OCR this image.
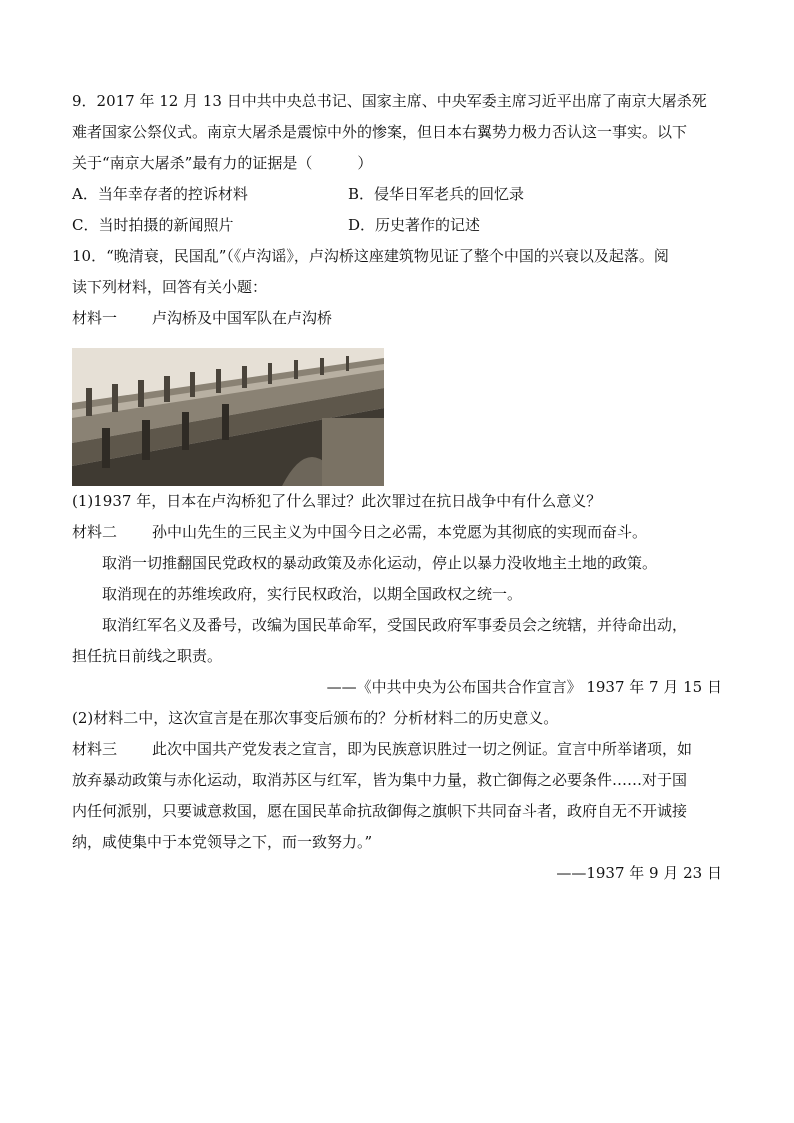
9．2017 年 12 月 13 日中共中央总书记、国家主席、中央军委主席习近平出席了南京大屠杀死
难者国家公祭仪式。南京大屠杀是震惊中外的惨案，但日本右翼势力极力否认这一事实。以下
关于“南京大屠杀”最有力的证据是（　　　）
A．当年幸存者的控诉材料	B．侵华日军老兵的回忆录
C．当时拍摄的新闻照片	D．历史著作的记述
10．“晚清衰，民国乱”（《卢沟谣》，卢沟桥这座建筑物见证了整个中国的兴衰以及起落。阅
读下列材料，回答有关小题：
材料一 卢沟桥及中国军队在卢沟桥
(1)1937 年，日本在卢沟桥犯了什么罪过？此次罪过在抗日战争中有什么意义？
材料二 孙中山先生的三民主义为中国今日之必需，本党愿为其彻底的实现而奋斗。
取消一切推翻国民党政权的暴动政策及赤化运动，停止以暴力没收地主土地的政策。
取消现在的苏维埃政府，实行民权政治，以期全国政权之统一。
取消红军名义及番号，改编为国民革命军，受国民政府军事委员会之统辖，并待命出动，
担任抗日前线之职责。
——《中共中央为公布国共合作宣言》 1937 年 7 月 15 日
(2)材料二中，这次宣言是在那次事变后颁布的？分析材料二的历史意义。
材料三 此次中国共产党发表之宣言，即为民族意识胜过一切之例证。宣言中所举诸项，如
放弃暴动政策与赤化运动，取消苏区与红军，皆为集中力量，救亡御侮之必要条件……对于国
内任何派别，只要诚意救国，愿在国民革命抗敌御侮之旗帜下共同奋斗者，政府自无不开诚接
纳，咸使集中于本党领导之下，而一致努力。”
——1937 年 9 月 23 日
